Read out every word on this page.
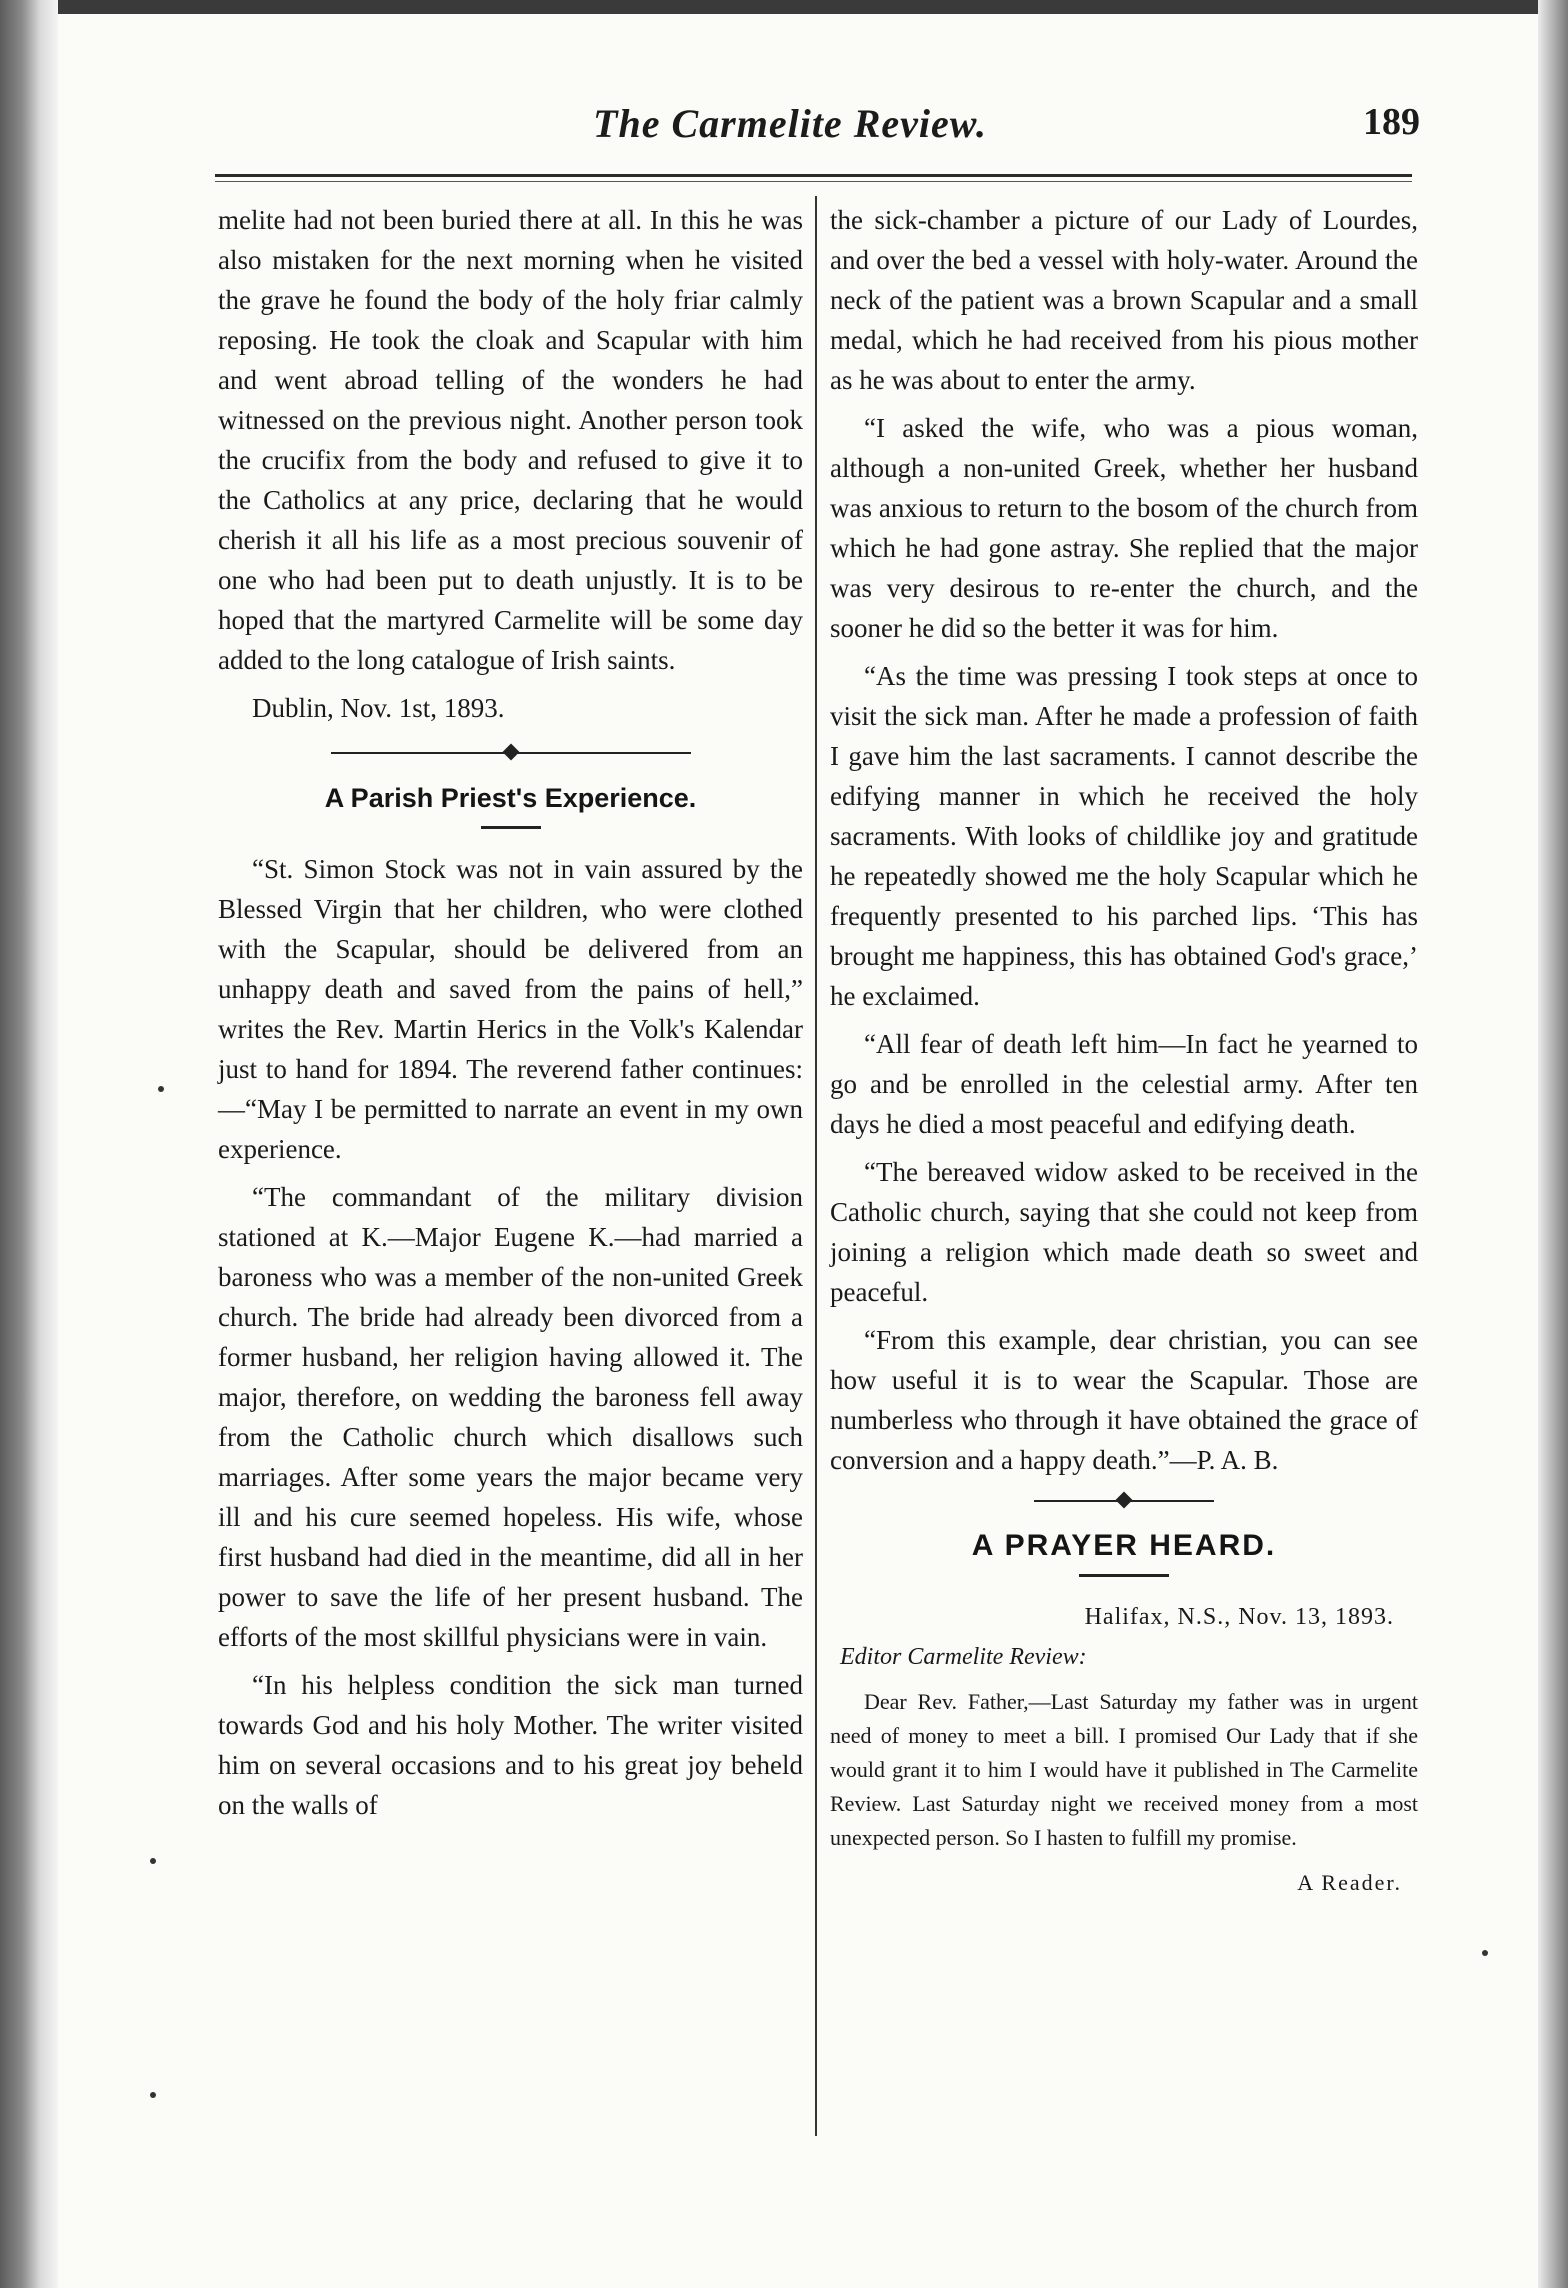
The Carmelite Review.	189

melite had not been buried there at all. In this he was also mistaken for the next morning when he visited the grave he found the body of the holy friar calmly reposing. He took the cloak and Scapular with him and went abroad telling of the wonders he had witnessed on the previous night. Another person took the crucifix from the body and refused to give it to the Catholics at any price, declaring that he would cherish it all his life as a most precious souvenir of one who had been put to death unjustly. It is to be hoped that the martyred Carmelite will be some day added to the long catalogue of Irish saints.

Dublin, Nov. 1st, 1893.

A Parish Priest's Experience.

“St. Simon Stock was not in vain assured by the Blessed Virgin that her children, who were clothed with the Scapular, should be delivered from an unhappy death and saved from the pains of hell,” writes the Rev. Martin Herics in the Volk's Kalendar just to hand for 1894. The reverend father continues:—“May I be permitted to narrate an event in my own experience.

“The commandant of the military division stationed at K.—Major Eugene K.—had married a baroness who was a member of the non-united Greek church. The bride had already been divorced from a former husband, her religion having allowed it. The major, therefore, on wedding the baroness fell away from the Catholic church which disallows such marriages. After some years the major became very ill and his cure seemed hopeless. His wife, whose first husband had died in the meantime, did all in her power to save the life of her present husband. The efforts of the most skillful physicians were in vain.

“In his helpless condition the sick man turned towards God and his holy Mother. The writer visited him on several occasions and to his great joy beheld on the walls of

the sick-chamber a picture of our Lady of Lourdes, and over the bed a vessel with holy-water. Around the neck of the patient was a brown Scapular and a small medal, which he had received from his pious mother as he was about to enter the army.

“I asked the wife, who was a pious woman, although a non-united Greek, whether her husband was anxious to return to the bosom of the church from which he had gone astray. She replied that the major was very desirous to re-enter the church, and the sooner he did so the better it was for him.

“As the time was pressing I took steps at once to visit the sick man. After he made a profession of faith I gave him the last sacraments. I cannot describe the edifying manner in which he received the holy sacraments. With looks of childlike joy and gratitude he repeatedly showed me the holy Scapular which he frequently presented to his parched lips. ‘This has brought me happiness, this has obtained God's grace,’ he exclaimed.

“All fear of death left him—In fact he yearned to go and be enrolled in the celestial army. After ten days he died a most peaceful and edifying death.

“The bereaved widow asked to be received in the Catholic church, saying that she could not keep from joining a religion which made death so sweet and peaceful.

“From this example, dear christian, you can see how useful it is to wear the Scapular. Those are numberless who through it have obtained the grace of conversion and a happy death.”—P. A. B.

A PRAYER HEARD.

Halifax, N.S., Nov. 13, 1893.

Editor Carmelite Review:

Dear Rev. Father,—Last Saturday my father was in urgent need of money to meet a bill. I promised Our Lady that if she would grant it to him I would have it published in The Carmelite Review. Last Saturday night we received money from a most unexpected person. So I hasten to fulfill my promise.

A Reader.
